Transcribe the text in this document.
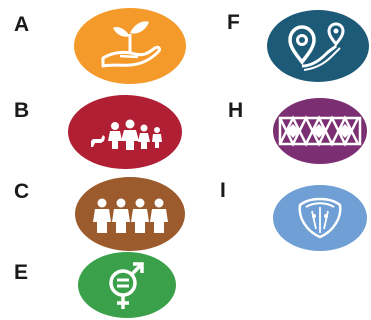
A	F
B	H
C	I
E
